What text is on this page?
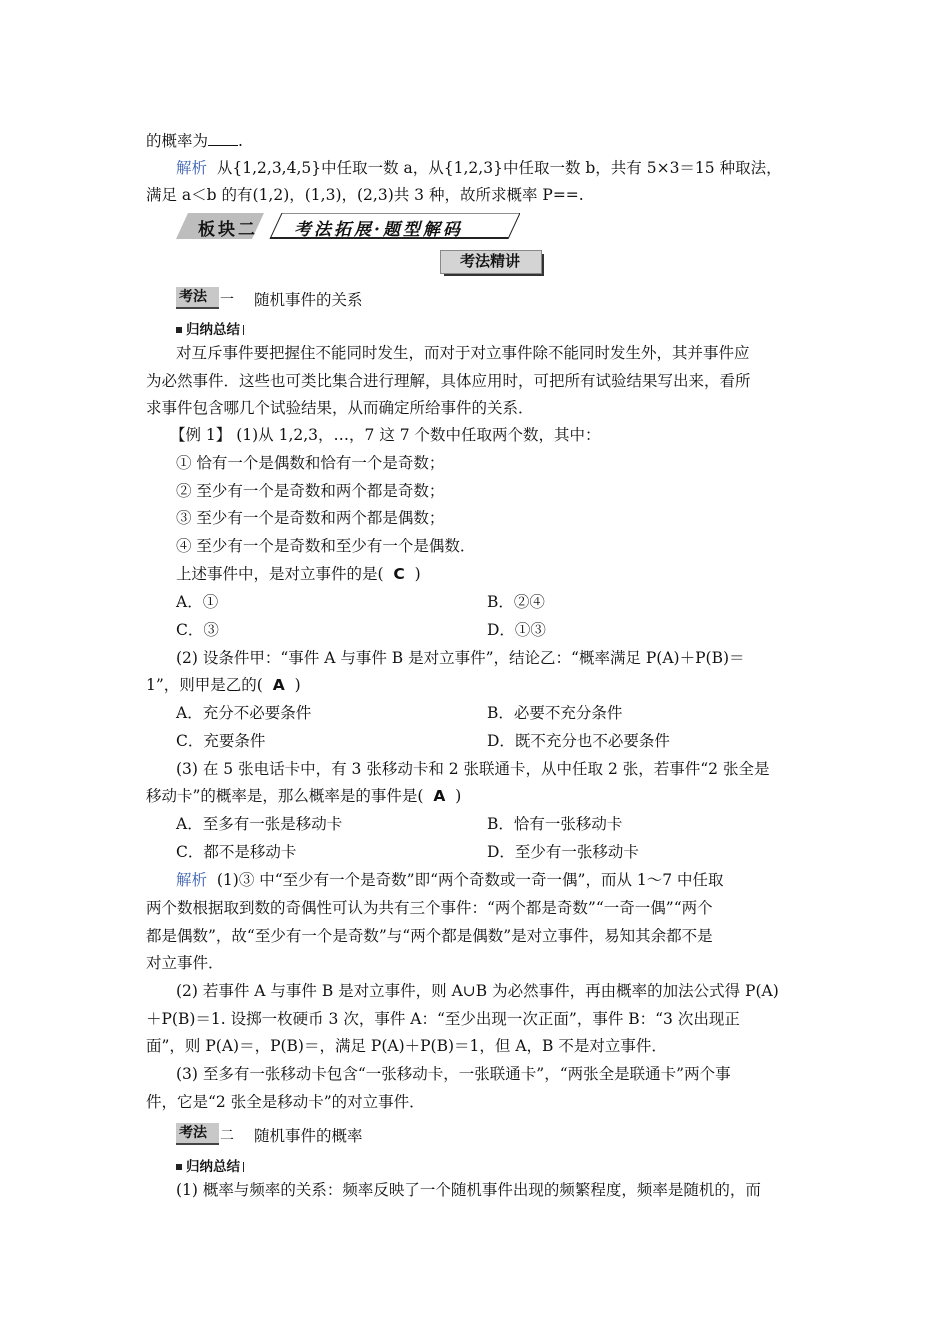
的概率为 .
解析 从{1,2,3,4,5}中任取一数 a，从{1,2,3}中任取一数 b，共有 5×3＝15 种取法，
满足 a＜b 的有(1,2)，(1,3)，(2,3)共 3 种，故所求概率 P==.
板块二 考法拓展·题型解码
考法精讲
考法 一 随机事件的关系
归纳总结
对互斥事件要把握住不能同时发生，而对于对立事件除不能同时发生外，其并事件应
为必然事件．这些也可类比集合进行理解，具体应用时，可把所有试验结果写出来，看所
求事件包含哪几个试验结果，从而确定所给事件的关系．
【例 1】 (1)从 1,2,3，…，7 这 7 个数中任取两个数，其中：
① 恰有一个是偶数和恰有一个是奇数；
② 至少有一个是奇数和两个都是奇数；
③ 至少有一个是奇数和两个都是偶数；
④ 至少有一个是奇数和至少有一个是偶数．
上述事件中，是对立事件的是( C )
A．①	B．②④
C．③	D．①③
(2) 设条件甲：“事件 A 与事件 B 是对立事件”，结论乙：“概率满足 P(A)＋P(B)＝
1”，则甲是乙的( A )
A．充分不必要条件	B．必要不充分条件
C．充要条件	D．既不充分也不必要条件
(3) 在 5 张电话卡中，有 3 张移动卡和 2 张联通卡，从中任取 2 张，若事件“2 张全是
移动卡”的概率是，那么概率是的事件是( A )
A．至多有一张是移动卡	B．恰有一张移动卡
C．都不是移动卡	D．至少有一张移动卡
解析 (1)③ 中“至少有一个是奇数”即“两个奇数或一奇一偶”，而从 1～7 中任取
两个数根据取到数的奇偶性可认为共有三个事件：“两个都是奇数”“一奇一偶”“两个
都是偶数”，故“至少有一个是奇数”与“两个都是偶数”是对立事件，易知其余都不是
对立事件．
(2) 若事件 A 与事件 B 是对立事件，则 A∪B 为必然事件，再由概率的加法公式得 P(A)
＋P(B)＝1. 设掷一枚硬币 3 次，事件 A：“至少出现一次正面”，事件 B：“3 次出现正
面”，则 P(A)＝，P(B)＝，满足 P(A)＋P(B)＝1，但 A，B 不是对立事件．
(3) 至多有一张移动卡包含“一张移动卡，一张联通卡”，“两张全是联通卡”两个事
件，它是“2 张全是移动卡”的对立事件．
考法 二 随机事件的概率
归纳总结
(1) 概率与频率的关系：频率反映了一个随机事件出现的频繁程度，频率是随机的，而
